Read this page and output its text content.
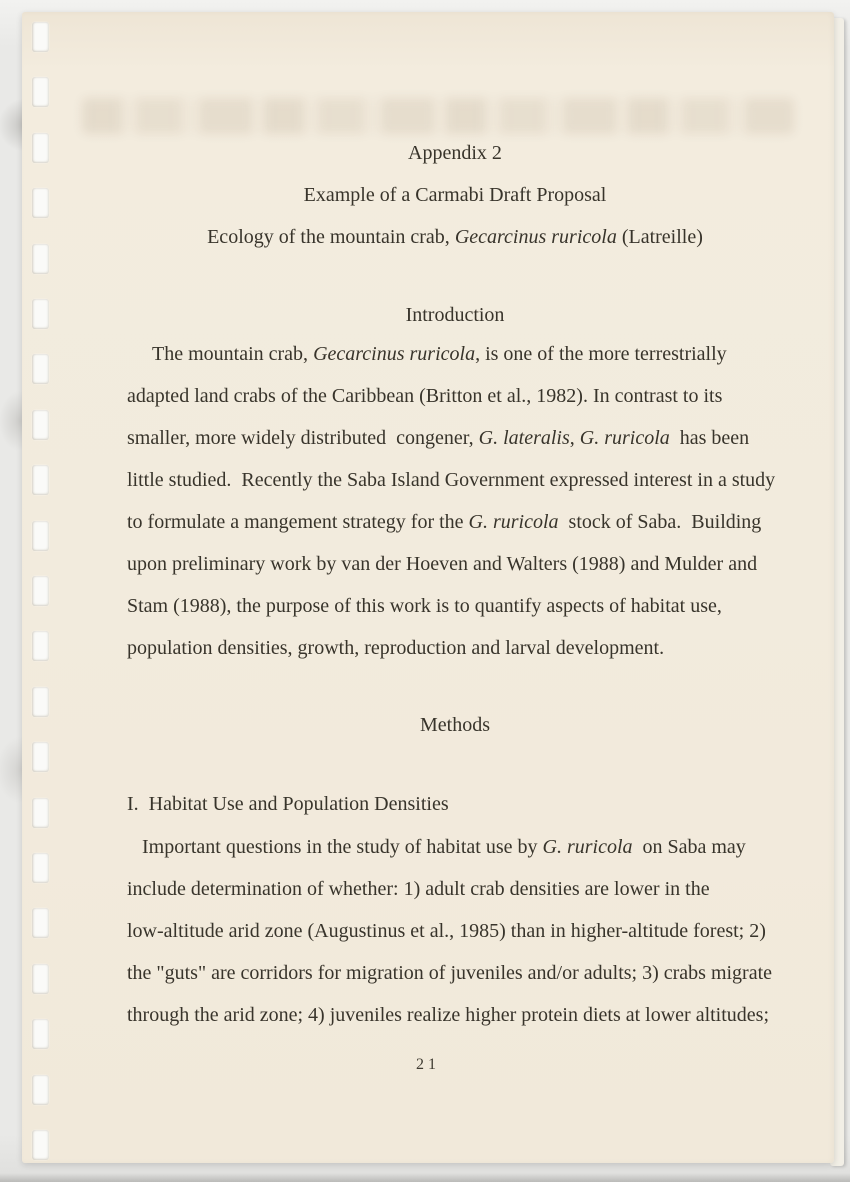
Appendix 2
Example of a Carmabi Draft Proposal
Ecology of the mountain crab, Gecarcinus ruricola (Latreille)
Introduction
The mountain crab, Gecarcinus ruricola, is one of the more terrestrially
adapted land crabs of the Caribbean (Britton et al., 1982). In contrast to its
smaller, more widely distributed  congener, G. lateralis, G. ruricola  has been
little studied.  Recently the Saba Island Government expressed interest in a study
to formulate a mangement strategy for the G. ruricola  stock of Saba.  Building
upon preliminary work by van der Hoeven and Walters (1988) and Mulder and
Stam (1988), the purpose of this work is to quantify aspects of habitat use,
population densities, growth, reproduction and larval development.
Methods
I.  Habitat Use and Population Densities
Important questions in the study of habitat use by G. ruricola  on Saba may
include determination of whether: 1) adult crab densities are lower in the
low-altitude arid zone (Augustinus et al., 1985) than in higher-altitude forest; 2)
the "guts" are corridors for migration of juveniles and/or adults; 3) crabs migrate
through the arid zone; 4) juveniles realize higher protein diets at lower altitudes;
21
